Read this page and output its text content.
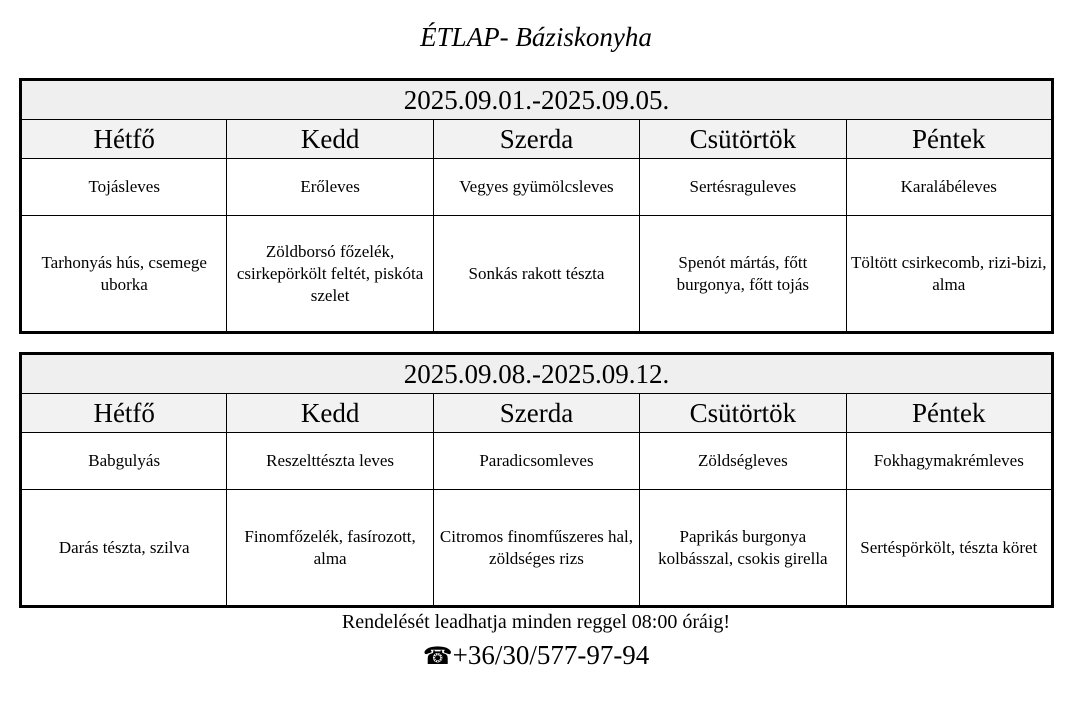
ÉTLAP- Báziskonyha
2025.09.01.-2025.09.05.				
Hétfő	Kedd	Szerda	Csütörtök	Péntek
Tojásleves	Erőleves	Vegyes gyümölcsleves	Sertésraguleves	Karalábéleves
Tarhonyás hús, csemege uborka	Zöldborsó főzelék, csirkepörkölt feltét, piskóta szelet	Sonkás rakott tészta	Spenót mártás, főtt burgonya, főtt tojás	Töltött csirkecomb, rizi-bizi, alma
2025.09.08.-2025.09.12.				
Hétfő	Kedd	Szerda	Csütörtök	Péntek
Babgulyás	Reszelttészta leves	Paradicsomleves	Zöldségleves	Fokhagymakrémleves
Darás tészta, szilva	Finomfőzelék, fasírozott, alma	Citromos finomfűszeres hal, zöldséges rizs	Paprikás burgonya kolbásszal, csokis girella	Sertéspörkölt, tészta köret
Rendelését leadhatja minden reggel 08:00 óráig!
☎+36/30/577-97-94
